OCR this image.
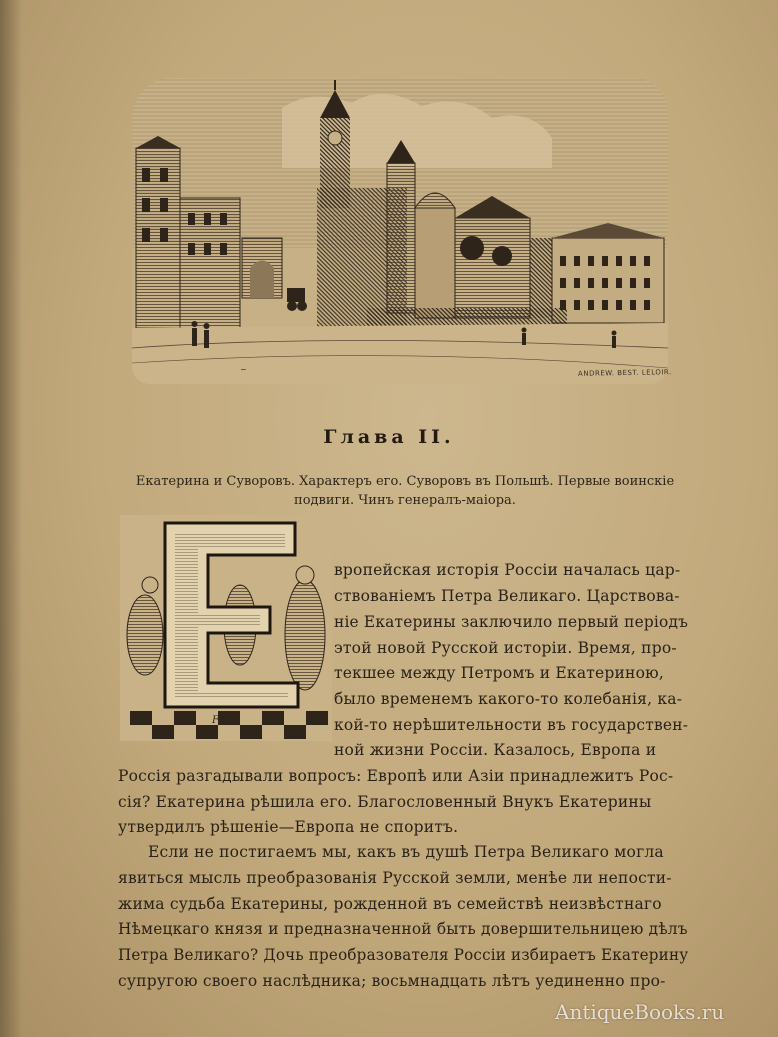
~	ANDREW. BEST. LELOIR.
Глава II.
Екатерина и Суворовъ. Характеръ его. Суворовъ въ Польшѣ. Первые воинскіе
подвиги. Чинъ генералъ-маіора.
FK
вропейская исторія Россіи началась цар-
ствованіемъ Петра Великаго. Царствова-
ніе Екатерины заключило первый періодъ
этой новой Русской исторіи. Время, про-
текшее между Петромъ и Екатериною,
было временемъ какого-то колебанія, ка-
кой-то нерѣшительности въ государствен-
ной жизни Россіи. Казалось, Европа и
Россія разгадывали вопросъ: Европѣ или Азіи принадлежитъ Рос-
сія? Екатерина рѣшила его. Благословенный Внукъ Екатерины
утвердилъ рѣшеніе—Европа не споритъ.
Если не постигаемъ мы, какъ въ душѣ Петра Великаго могла
явиться мысль преобразованія Русской земли, менѣе ли непости-
жима судьба Екатерины, рожденной въ семействѣ неизвѣстнаго
Нѣмецкаго князя и предназначенной быть довершительницею дѣлъ
Петра Великаго? Дочь преобразователя Россіи избираетъ Екатерину
супругою своего наслѣдника; восьмнадцать лѣтъ уединенно про-
AntiqueBooks.ru
